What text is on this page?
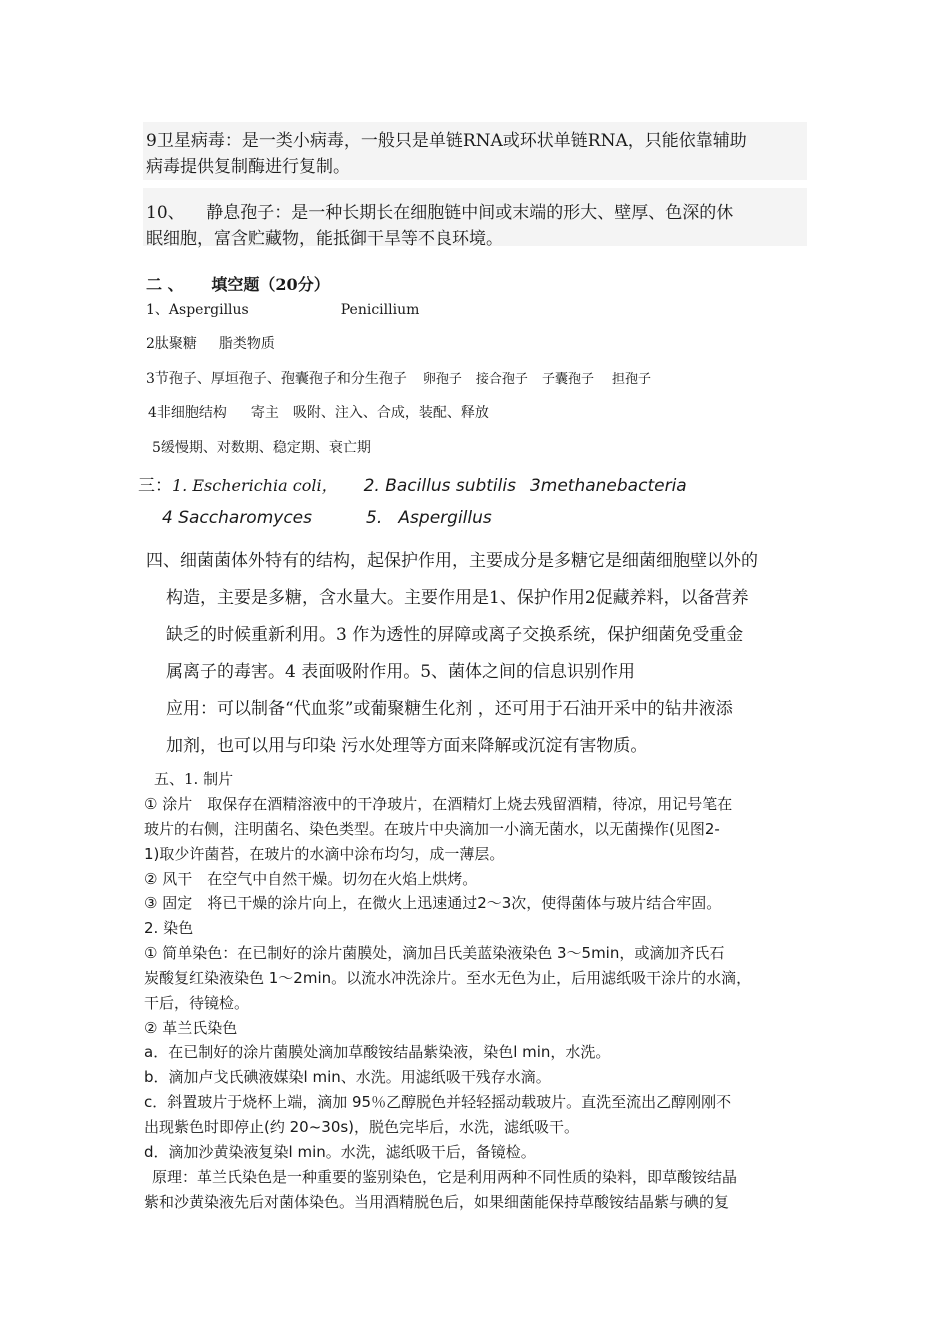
9卫星病毒：是一类小病毒，一般只是单链RNA或环状单链RNA，只能依靠辅助
病毒提供复制酶进行复制。
10、    静息孢子：是一种长期长在细胞链中间或末端的形大、壁厚、色深的休
眠细胞，富含贮藏物，能抵御干旱等不良环境。
二 、     填空题（20分）
1、Aspergillus	Penicillium
2肽聚糖 脂类物质
3节孢子、厚垣孢子、孢囊孢子和分生孢子 卵孢子 接合孢子 子囊孢子 担孢子
4非细胞结构 寄主 吸附、注入、合成，装配、释放
5缓慢期、对数期、稳定期、衰亡期
三：1. Escherichia coli， 2. Bacillus subtilis 3methanebacteria
4 Saccharomyces	5.   Aspergillus
四、细菌菌体外特有的结构，起保护作用，主要成分是多糖它是细菌细胞壁以外的
构造，主要是多糖，含水量大。主要作用是1、保护作用2促藏养料，以备营养
缺乏的时候重新利用。3 作为透性的屏障或离子交换系统，保护细菌免受重金
属离子的毒害。4 表面吸附作用。5、菌体之间的信息识别作用
应用：可以制备“代血浆”或葡聚糖生化剂 ，还可用于石油开采中的钻井液添
加剂，也可以用与印染 污水处理等方面来降解或沉淀有害物质。
五、1. 制片
① 涂片　取保存在酒精溶液中的干净玻片，在酒精灯上烧去残留酒精，待凉，用记号笔在
玻片的右侧，注明菌名、染色类型。在玻片中央滴加一小滴无菌水，以无菌操作(见图2-
1)取少许菌苔，在玻片的水滴中涂布均匀，成一薄层。
② 风干　在空气中自然干燥。切勿在火焰上烘烤。
③ 固定　将已干燥的涂片向上，在微火上迅速通过2～3次，使得菌体与玻片结合牢固。
2. 染色
① 简单染色：在已制好的涂片菌膜处，滴加吕氏美蓝染液染色 3～5min，或滴加齐氏石
炭酸复红染液染色 1～2min。以流水冲洗涂片。至水无色为止，后用滤纸吸干涂片的水滴，
干后，待镜检。
② 革兰氏染色
a．在已制好的涂片菌膜处滴加草酸铵结晶紫染液，染色l min，水洗。
b．滴加卢戈氏碘液媒染l min、水洗。用滤纸吸干残存水滴。
c．斜置玻片于烧杯上端，滴加 95％乙醇脱色并轻轻摇动载玻片。直洗至流出乙醇刚刚不
出现紫色时即停止(约 20~30s)，脱色完毕后，水洗，滤纸吸干。
d．滴加沙黄染液复染l min。水洗，滤纸吸干后，备镜检。
原理：革兰氏染色是一种重要的鉴别染色，它是利用两种不同性质的染料，即草酸铵结晶
紫和沙黄染液先后对菌体染色。当用酒精脱色后，如果细菌能保持草酸铵结晶紫与碘的复
